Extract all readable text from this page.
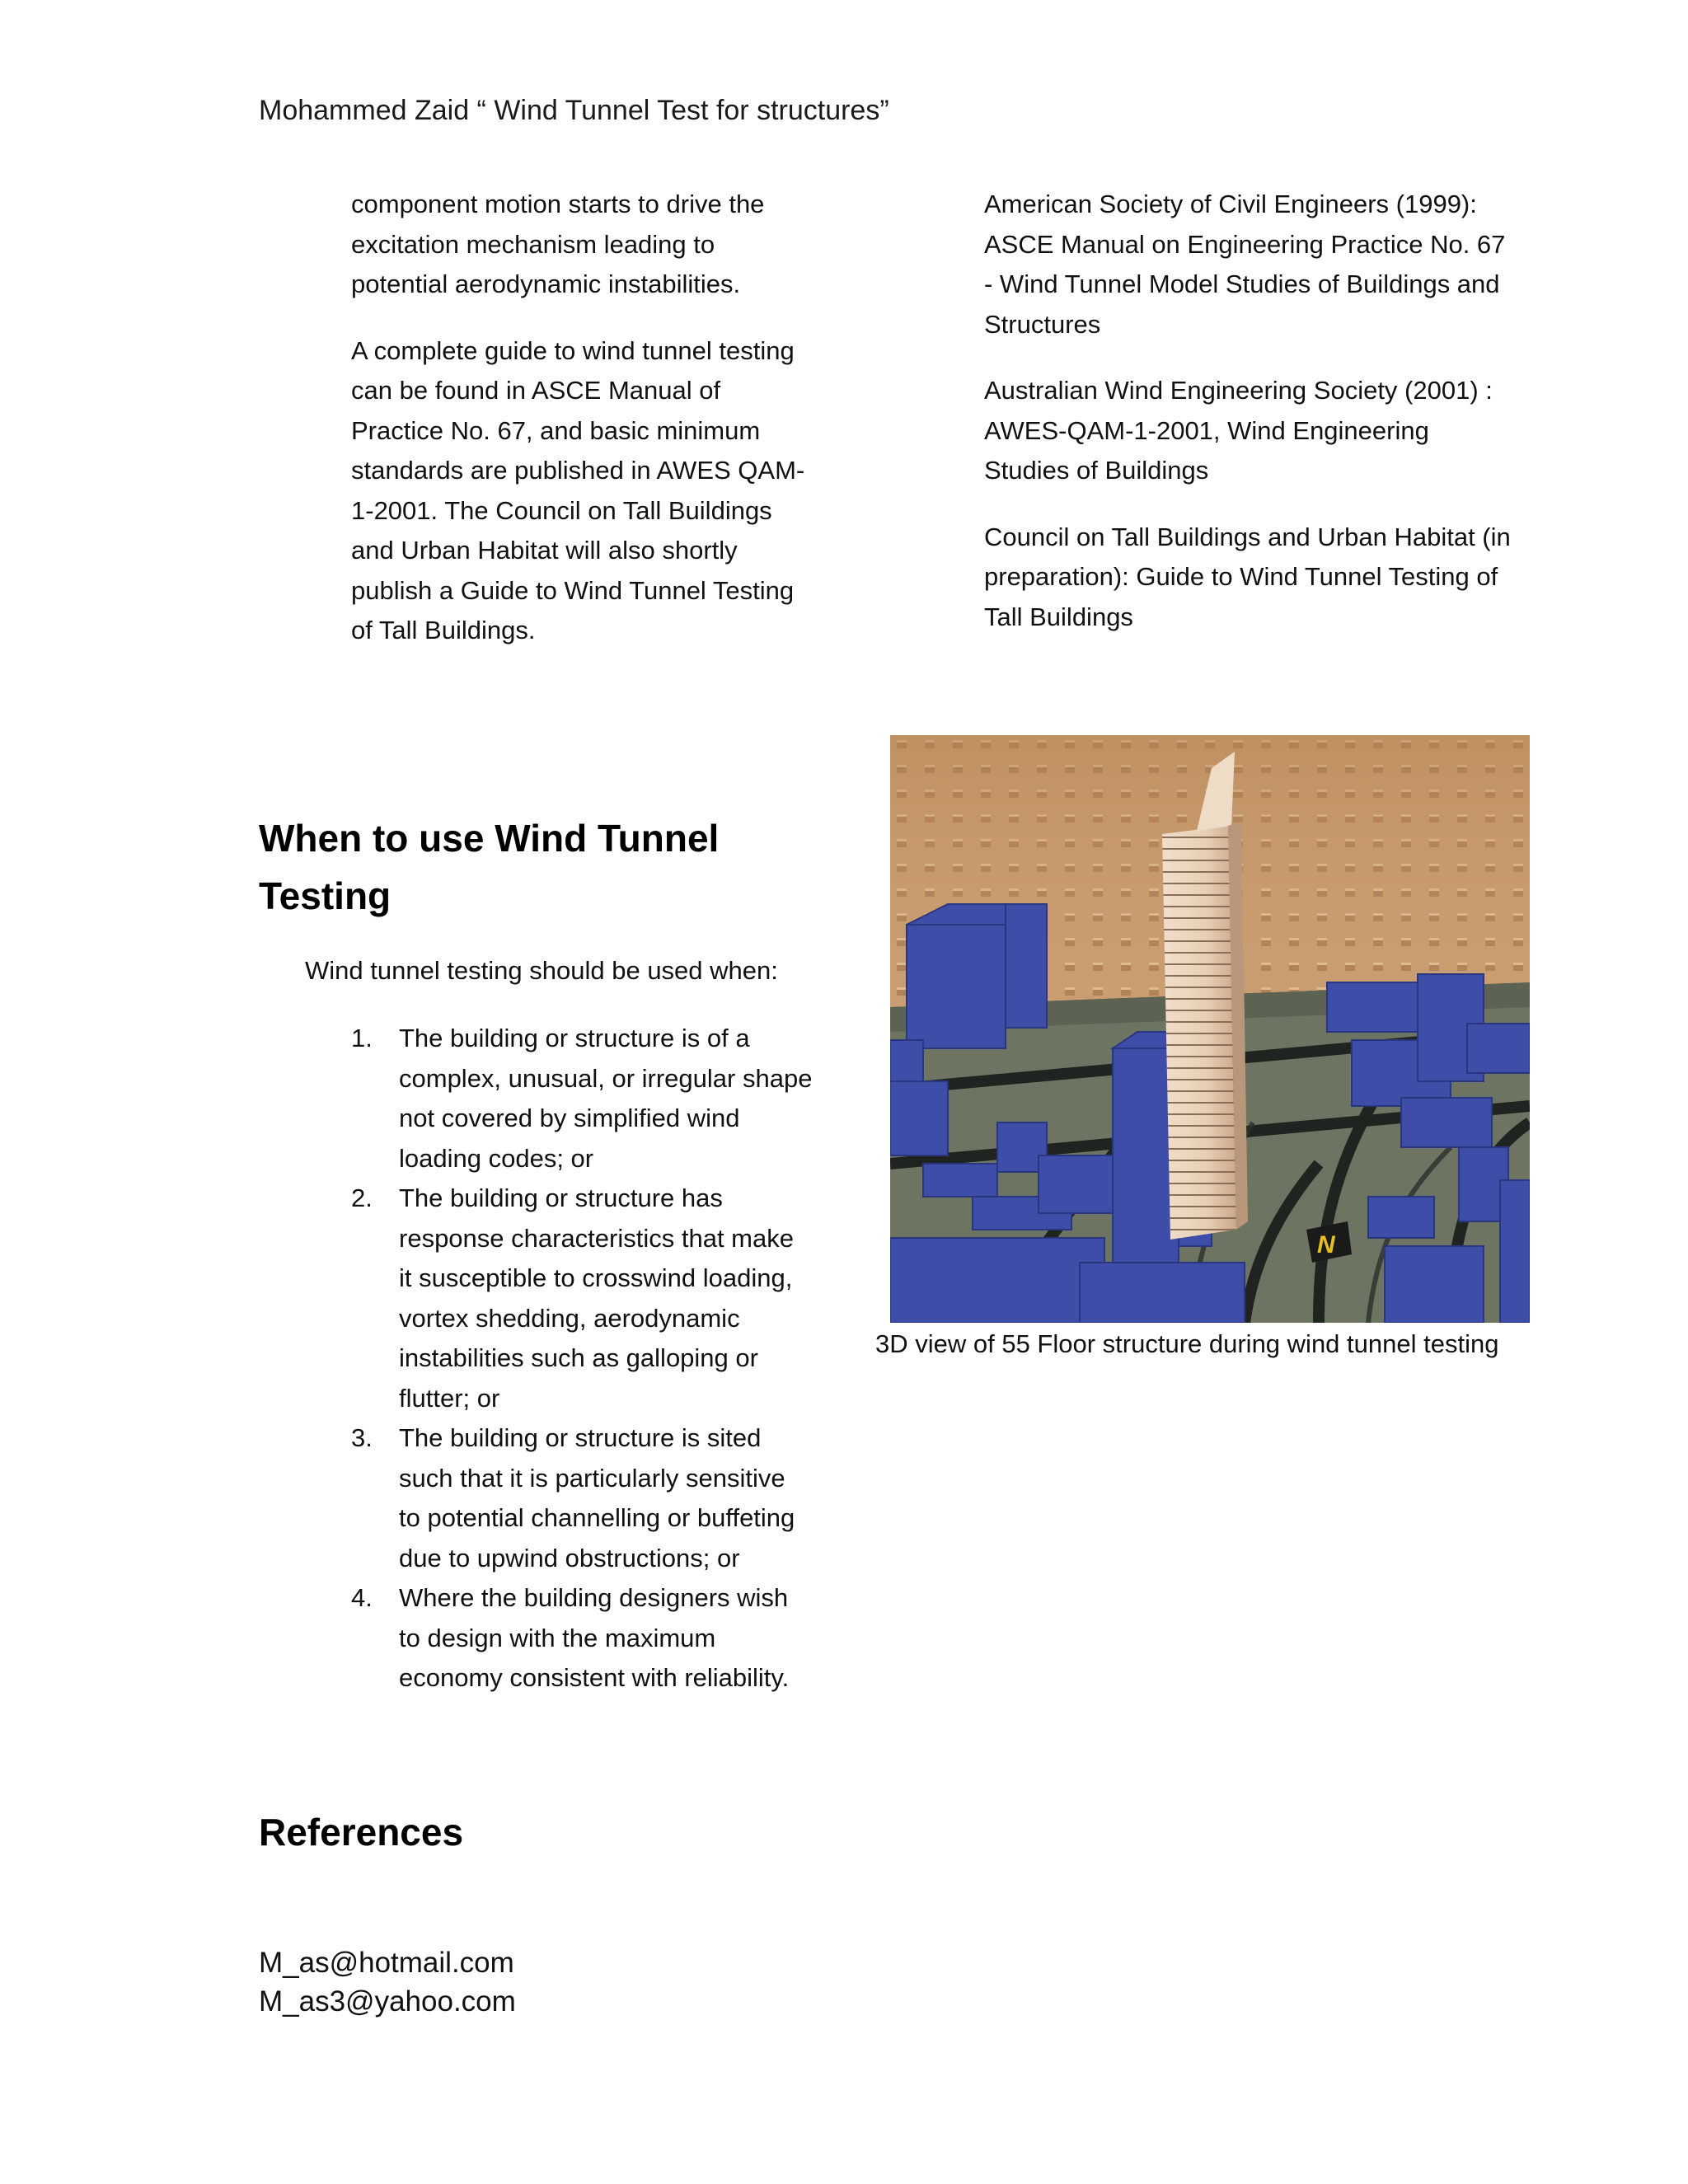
Mohammed Zaid “ Wind Tunnel Test for structures”

component motion starts to drive the excitation mechanism leading to potential aerodynamic instabilities.

A complete guide to wind tunnel testing can be found in ASCE Manual of Practice No. 67, and basic minimum standards are published in AWES QAM-1-2001. The Council on Tall Buildings and Urban Habitat will also shortly publish a Guide to Wind Tunnel Testing of Tall Buildings.

American Society of Civil Engineers (1999): ASCE Manual on Engineering Practice No. 67 - Wind Tunnel Model Studies of Buildings and Structures

Australian Wind Engineering Society (2001) : AWES-QAM-1-2001, Wind Engineering Studies of Buildings

Council on Tall Buildings and Urban Habitat (in preparation): Guide to Wind Tunnel Testing of Tall Buildings

When to use Wind Tunnel Testing
Wind tunnel testing should be used when:
1. The building or structure is of a complex, unusual, or irregular shape not covered by simplified wind loading codes; or
2. The building or structure has response characteristics that make it susceptible to crosswind loading, vortex shedding, aerodynamic instabilities such as galloping or flutter; or
3. The building or structure is sited such that it is particularly sensitive to potential channelling or buffeting due to upwind obstructions; or
4. Where the building designers wish to design with the maximum economy consistent with reliability.
References
M_as@hotmail.com
M_as3@yahoo.com
N
3D view of 55 Floor structure during wind tunnel testing
